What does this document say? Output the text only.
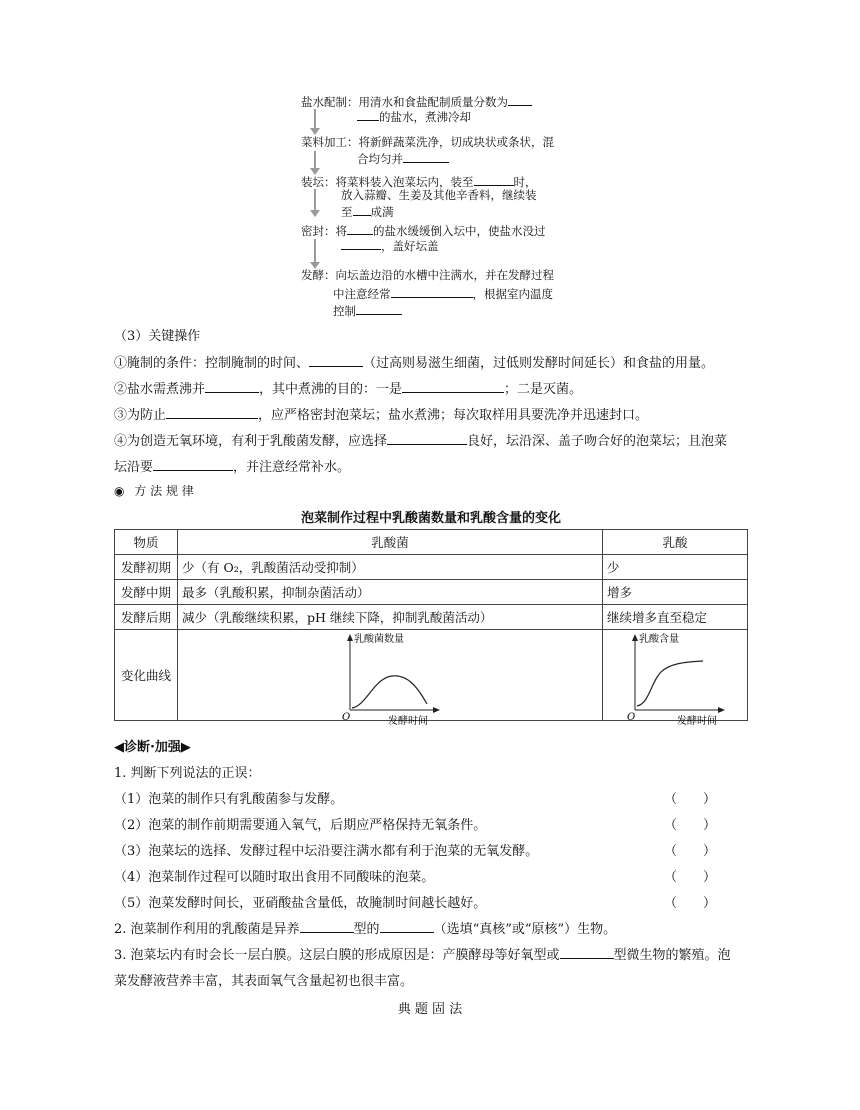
盐水配制：用清水和食盐配制质量分数为
的盐水，煮沸冷却
菜料加工：将新鲜蔬菜洗净，切成块状或条状，混
合均匀并
装坛：将菜料装入泡菜坛内，装至	时，
放入蒜瓣、生姜及其他辛香料，继续装
至 成满
密封：将 的盐水缓缓倒入坛中，使盐水没过
，盖好坛盖
发酵：向坛盖边沿的水槽中注满水，并在发酵过程
中注意经常	，根据室内温度
控制
（3）关键操作
①腌制的条件：控制腌制的时间、	（过高则易滋生细菌，过低则发酵时间延长）和食盐的用量。
②盐水需煮沸并	，其中煮沸的目的：一是	；二是灭菌。
③为防止	，应严格密封泡菜坛；盐水煮沸；每次取样用具要洗净并迅速封口。
④为创造无氧环境，有利于乳酸菌发酵，应选择	良好，坛沿深、盖子吻合好的泡菜坛；且泡菜
坛沿要	，并注意经常补水。
◉ 方 法 规 律
泡菜制作过程中乳酸菌数量和乳酸含量的变化
物质	乳酸菌	乳酸
发酵初期	少（有 O₂，乳酸菌活动受抑制）	少
发酵中期	最多（乳酸积累，抑制杂菌活动）	增多
发酵后期	减少（乳酸继续积累，pH 继续下降，抑制乳酸菌活动）	继续增多直至稳定
变化曲线	乳酸菌数量
发酵时间
O	乳酸含量
发酵时间
O
◀诊断·加强▶
1. 判断下列说法的正误：
（1）泡菜的制作只有乳酸菌参与发酵。	（　　）
（2）泡菜的制作前期需要通入氧气，后期应严格保持无氧条件。	（　　）
（3）泡菜坛的选择、发酵过程中坛沿要注满水都有利于泡菜的无氧发酵。	（　　）
（4）泡菜制作过程可以随时取出食用不同酸味的泡菜。	（　　）
（5）泡菜发酵时间长，亚硝酸盐含量低，故腌制时间越长越好。	（　　）
2. 泡菜制作利用的乳酸菌是异养	型的	（选填“真核”或“原核”）生物。
3. 泡菜坛内有时会长一层白膜。这层白膜的形成原因是：产膜酵母等好氧型或	型微生物的繁殖。泡
菜发酵液营养丰富，其表面氧气含量起初也很丰富。
典 题 固 法
